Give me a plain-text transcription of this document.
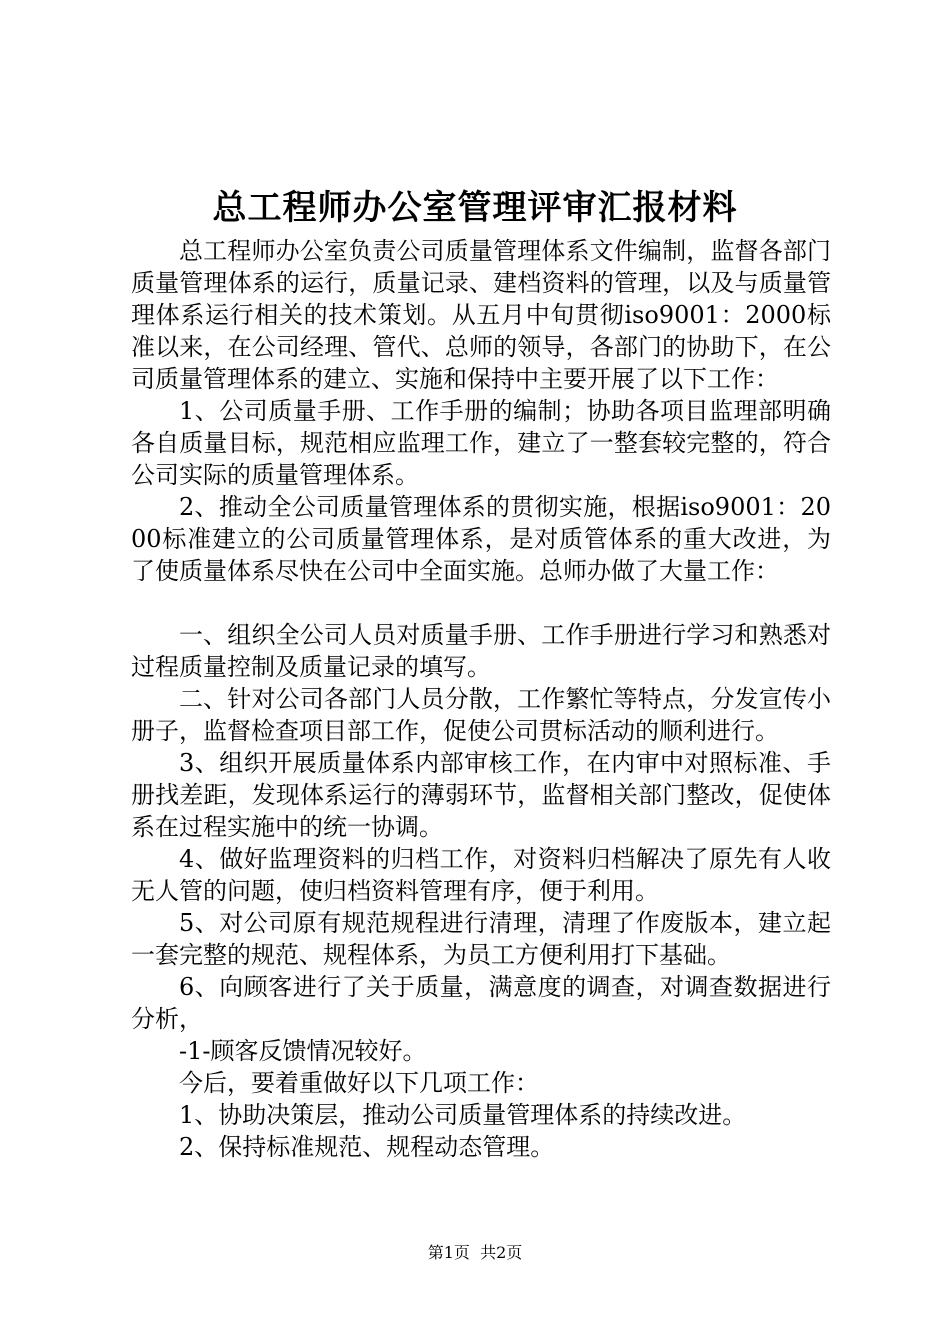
总工程师办公室管理评审汇报材料

总工程师办公室负责公司质量管理体系文件编制，监督各部门质量管理体系的运行，质量记录、建档资料的管理，以及与质量管理体系运行相关的技术策划。从五月中旬贯彻iso9001：2000标准以来，在公司经理、管代、总师的领导，各部门的协助下，在公司质量管理体系的建立、实施和保持中主要开展了以下工作：

1、公司质量手册、工作手册的编制；协助各项目监理部明确各自质量目标，规范相应监理工作，建立了一整套较完整的，符合公司实际的质量管理体系。

2、推动全公司质量管理体系的贯彻实施，根据iso9001：2000标准建立的公司质量管理体系，是对质管体系的重大改进，为了使质量体系尽快在公司中全面实施。总师办做了大量工作：

一、组织全公司人员对质量手册、工作手册进行学习和熟悉对过程质量控制及质量记录的填写。

二、针对公司各部门人员分散，工作繁忙等特点，分发宣传小册子，监督检查项目部工作，促使公司贯标活动的顺利进行。

3、组织开展质量体系内部审核工作，在内审中对照标准、手册找差距，发现体系运行的薄弱环节，监督相关部门整改，促使体系在过程实施中的统一协调。

4、做好监理资料的归档工作，对资料归档解决了原先有人收无人管的问题，使归档资料管理有序，便于利用。

5、对公司原有规范规程进行清理，清理了作废版本，建立起一套完整的规范、规程体系，为员工方便利用打下基础。

6、向顾客进行了关于质量，满意度的调查，对调查数据进行分析，

-1-顾客反馈情况较好。

今后，要着重做好以下几项工作：

1、协助决策层，推动公司质量管理体系的持续改进。

2、保持标准规范、规程动态管理。

第1页 共2页
